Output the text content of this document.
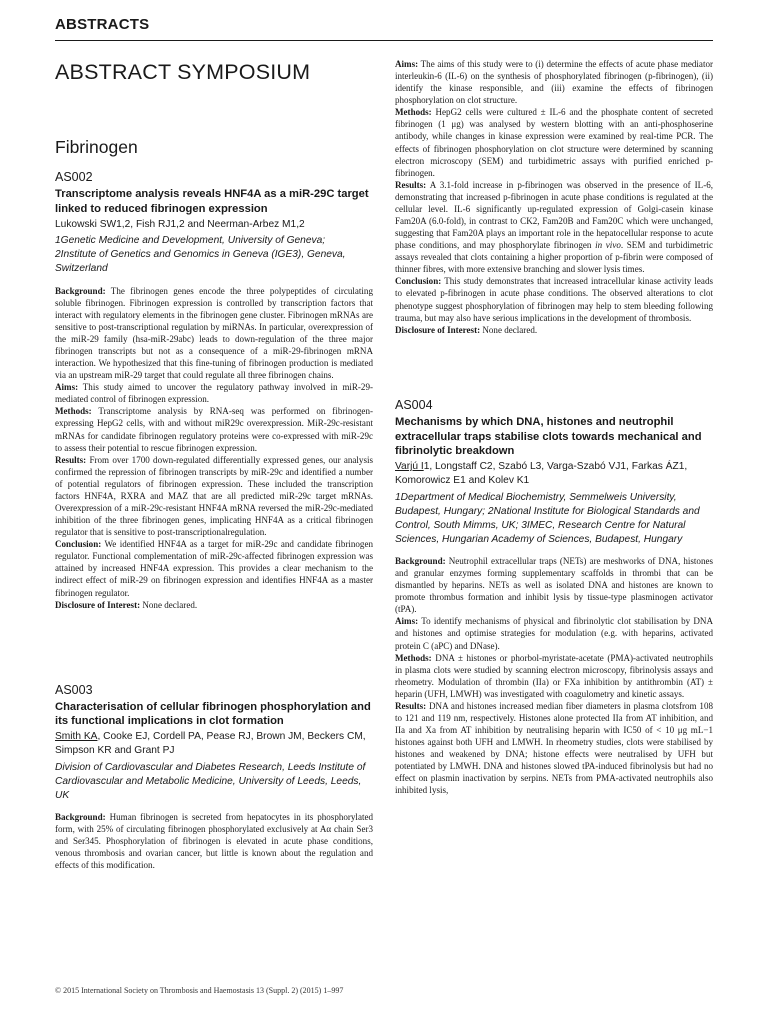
ABSTRACTS
ABSTRACT SYMPOSIUM
Fibrinogen
AS002
Transcriptome analysis reveals HNF4A as a miR-29C target linked to reduced fibrinogen expression
Lukowski SW1,2, Fish RJ1,2 and Neerman-Arbez M1,2
1Genetic Medicine and Development, University of Geneva;
2Institute of Genetics and Genomics in Geneva (IGE3), Geneva, Switzerland

Background: The fibrinogen genes encode the three polypeptides of circulating soluble fibrinogen. Fibrinogen expression is controlled by transcription factors that interact with regulatory elements in the fibrinogen gene cluster. Fibrinogen mRNAs are sensitive to post-transcriptional regulation by miRNAs. In particular, overexpression of the miR-29 family (hsa-miR-29abc) leads to down-regulation of the three major fibrinogen transcripts but not as a consequence of a miR-29-fibrinogen mRNA interaction. We hypothesized that this fine-tuning of fibrinogen production is mediated via an upstream miR-29 target that could regulate all three fibrinogen chains.

Aims: This study aimed to uncover the regulatory pathway involved in miR-29-mediated control of fibrinogen expression.

Methods: Transcriptome analysis by RNA-seq was performed on fibrinogen-expressing HepG2 cells, with and without miR29c overexpression. MiR-29c-resistant mRNAs for candidate fibrinogen regulatory proteins were co-expressed with miR-29c to assess their potential to rescue fibrinogen expression.

Results: From over 1700 down-regulated differentially expressed genes, our analysis confirmed the repression of fibrinogen transcripts by miR-29c and identified a number of potential regulators of fibrinogen expression. These included the transcription factors HNF4A, RXRA and MAZ that are all predicted miR-29c target mRNAs. Overexpression of a miR-29c-resistant HNF4A mRNA reversed the miR-29c-mediated inhibition of the three fibrinogen genes, implicating HNF4A as a critical fibrinogen regulator that is sensitive to post-transcriptionalregulation.

Conclusion: We identified HNF4A as a target for miR-29c and candidate fibrinogen regulator. Functional complementation of miR-29c-affected fibrinogen expression was attained by increased HNF4A expression. This provides a clear mechanism to the indirect effect of miR-29 on fibrinogen expression and identifies HNF4A as a master fibrinogen regulator.

Disclosure of Interest: None declared.

AS003
Characterisation of cellular fibrinogen phosphorylation and its functional implications in clot formation
Smith KA, Cooke EJ, Cordell PA, Pease RJ, Brown JM, Beckers CM, Simpson KR and Grant PJ
Division of Cardiovascular and Diabetes Research, Leeds Institute of Cardiovascular and Metabolic Medicine, University of Leeds, Leeds, UK

Background: Human fibrinogen is secreted from hepatocytes in its phosphorylated form, with 25% of circulating fibrinogen phosphorylated exclusively at Aα chain Ser3 and Ser345. Phosphorylation of fibrinogen is elevated in acute phase conditions, venous thrombosis and ovarian cancer, but little is known about the regulation and effects of this modification.

Aims: The aims of this study were to (i) determine the effects of acute phase mediator interleukin-6 (IL-6) on the synthesis of phosphorylated fibrinogen (p-fibrinogen), (ii) identify the kinase responsible, and (iii) examine the effects of fibrinogen phosphorylation on clot structure.

Methods: HepG2 cells were cultured ± IL-6 and the phosphate content of secreted fibrinogen (1 μg) was analysed by western blotting with an anti-phosphoserine antibody, while changes in kinase expression were examined by real-time PCR. The effects of fibrinogen phosphorylation on clot structure were determined by scanning electron microscopy (SEM) and turbidimetric assays with purified enriched p-fibrinogen.

Results: A 3.1-fold increase in p-fibrinogen was observed in the presence of IL-6, demonstrating that increased p-fibrinogen in acute phase conditions is regulated at the cellular level. IL-6 significantly up-regulated expression of Golgi-casein kinase Fam20A (6.0-fold), in contrast to CK2, Fam20B and Fam20C which were unchanged, suggesting that Fam20A plays an important role in the hepatocellular response to acute phase conditions, and may phosphorylate fibrinogen in vivo. SEM and turbidimetric assays revealed that clots containing a higher proportion of p-fibrin were composed of thinner fibres, with more extensive branching and slower lysis times.

Conclusion: This study demonstrates that increased intracellular kinase activity leads to elevated p-fibrinogen in acute phase conditions. The observed alterations to clot phenotype suggest phosphorylation of fibrinogen may help to stem bleeding following trauma, but may also have serious implications in the development of thrombosis.

Disclosure of Interest: None declared.

AS004
Mechanisms by which DNA, histones and neutrophil extracellular traps stabilise clots towards mechanical and fibrinolytic breakdown
Varjú I1, Longstaff C2, Szabó L3, Varga-Szabó VJ1, Farkas ÁZ1, Komorowicz E1 and Kolev K1
1Department of Medical Biochemistry, Semmelweis University, Budapest, Hungary; 2National Institute for Biological Standards and Control, South Mimms, UK; 3IMEC, Research Centre for Natural Sciences, Hungarian Academy of Sciences, Budapest, Hungary

Background: Neutrophil extracellular traps (NETs) are meshworks of DNA, histones and granular enzymes forming supplementary scaffolds in thrombi that can be dismantled by heparins. NETs as well as isolated DNA and histones are known to promote thrombus formation and inhibit lysis by tissue-type plasminogen activator (tPA).

Aims: To identify mechanisms of physical and fibrinolytic clot stabilisation by DNA and histones and optimise strategies for modulation (e.g. with heparins, activated protein C (aPC) and DNase).

Methods: DNA ± histones or phorbol-myristate-acetate (PMA)-activated neutrophils in plasma clots were studied by scanning electron microscopy, fibrinolysis assays and rheometry. Modulation of thrombin (IIa) or FXa inhibition by antithrombin (AT) ± heparin (UFH, LMWH) was investigated with coagulometry and kinetic assays.

Results: DNA and histones increased median fiber diameters in plasma clotsfrom 108 to 121 and 119 nm, respectively. Histones alone protected IIa from AT inhibition, and IIa and Xa from AT inhibition by neutralising heparin with IC50 of < 10 μg mL−1 histones against both UFH and LMWH. In rheometry studies, clots were stabilised by histones and weakened by DNA; histone effects were neutralised by UFH but potentiated by LMWH. DNA and histones slowed tPA-induced fibrinolysis but had no effect on plasmin inactivation by serpins. NETs from PMA-activated neutrophils also inhibited lysis,

© 2015 International Society on Thrombosis and Haemostasis 13 (Suppl. 2) (2015) 1–997
